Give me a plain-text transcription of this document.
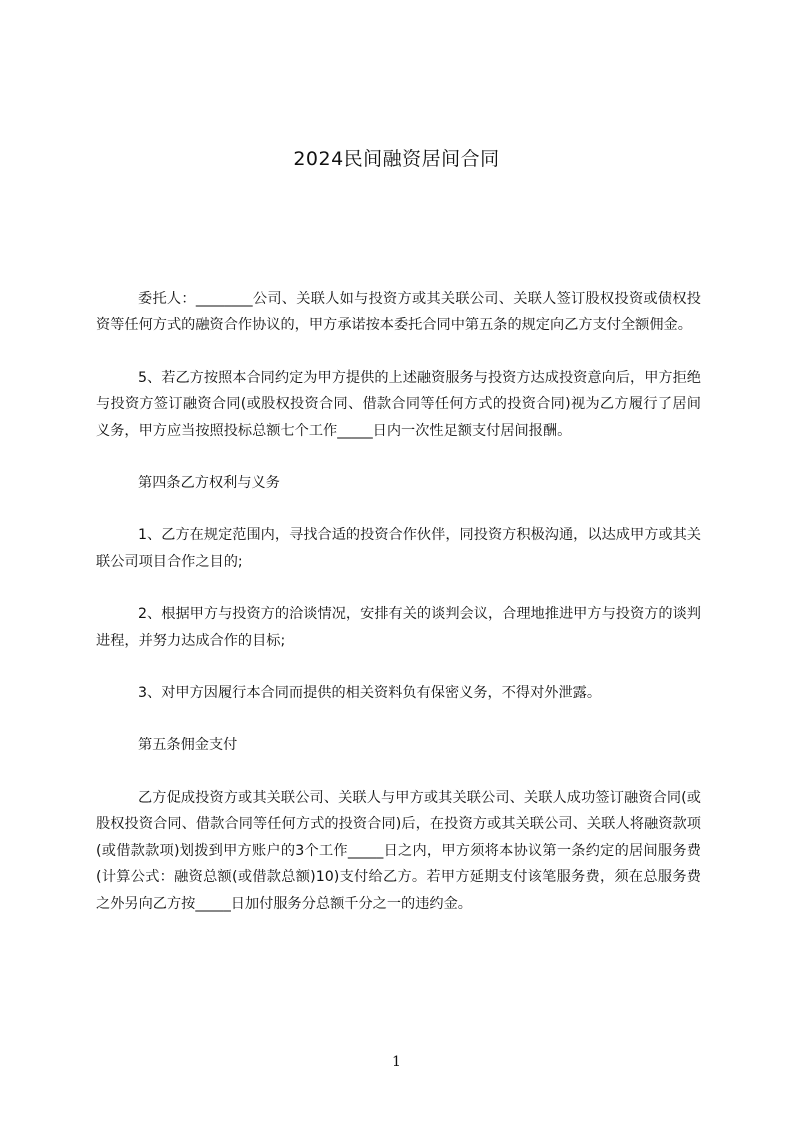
2024民间融资居间合同

委托人：________公司、关联人如与投资方或其关联公司、关联人签订股权投资或债权投资等任何方式的融资合作协议的，甲方承诺按本委托合同中第五条的规定向乙方支付全额佣金。

5、若乙方按照本合同约定为甲方提供的上述融资服务与投资方达成投资意向后，甲方拒绝与投资方签订融资合同(或股权投资合同、借款合同等任何方式的投资合同)视为乙方履行了居间义务，甲方应当按照投标总额七个工作_____日内一次性足额支付居间报酬。

第四条乙方权利与义务

1、乙方在规定范围内，寻找合适的投资合作伙伴，同投资方积极沟通，以达成甲方或其关联公司项目合作之目的;

2、根据甲方与投资方的洽谈情况，安排有关的谈判会议，合理地推进甲方与投资方的谈判进程，并努力达成合作的目标;

3、对甲方因履行本合同而提供的相关资料负有保密义务，不得对外泄露。

第五条佣金支付

乙方促成投资方或其关联公司、关联人与甲方或其关联公司、关联人成功签订融资合同(或股权投资合同、借款合同等任何方式的投资合同)后，在投资方或其关联公司、关联人将融资款项(或借款款项)划拨到甲方账户的3个工作_____日之内，甲方须将本协议第一条约定的居间服务费(计算公式：融资总额(或借款总额)10)支付给乙方。若甲方延期支付该笔服务费，须在总服务费之外另向乙方按_____日加付服务分总额千分之一的违约金。

1
